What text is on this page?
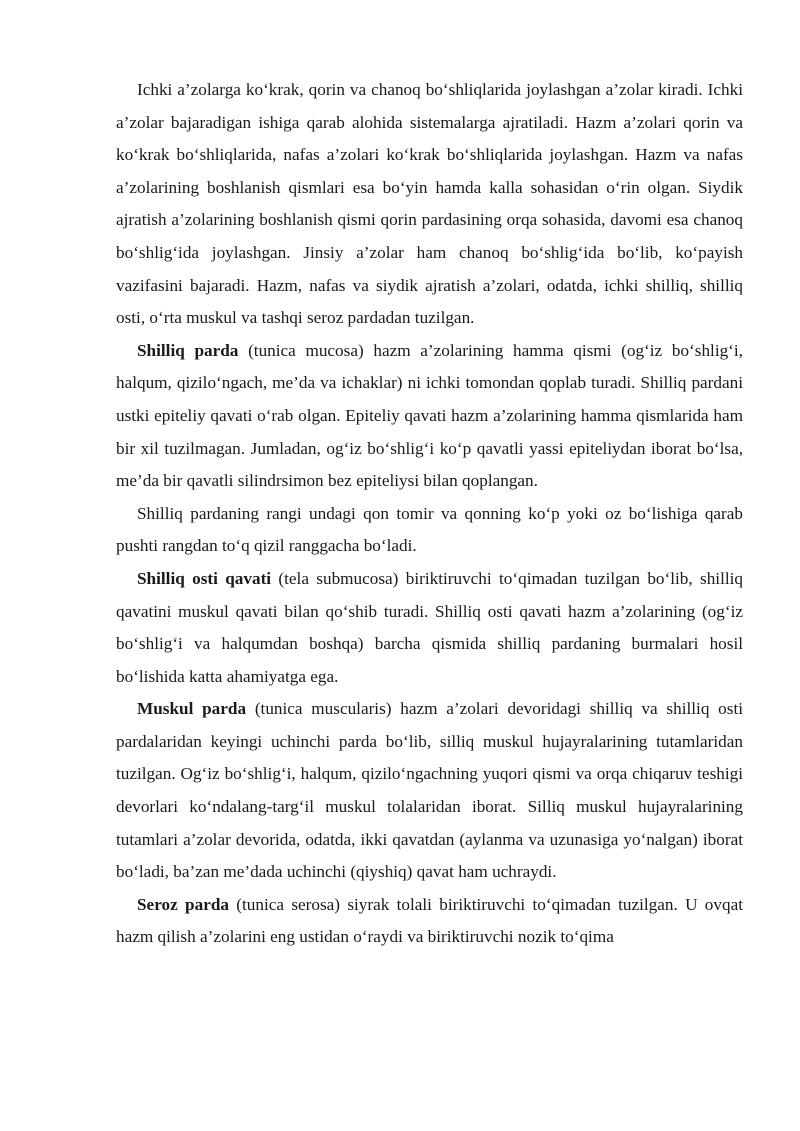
Ichki a’zolarga ko‘krak, qorin va chanoq bo‘shliqlarida joylashgan a’zolar kiradi. Ichki a’zolar bajaradigan ishiga qarab alohida sistemalarga ajratiladi. Hazm a’zolari qorin va ko‘krak bo‘shliqlarida, nafas a’zolari ko‘krak bo‘shliqlarida joylashgan. Hazm va nafas a’zolarining boshlanish qismlari esa bo‘yin hamda kalla sohasidan o‘rin olgan. Siydik ajratish a’zolarining boshlanish qismi qorin pardasining orqa sohasida, davomi esa chanoq bo‘shlig‘ida joylashgan. Jinsiy a’zolar ham chanoq bo‘shlig‘ida bo‘lib, ko‘payish vazifasini bajaradi. Hazm, nafas va siydik ajratish a’zolari, odatda, ichki shilliq, shilliq osti, o‘rta muskul va tashqi seroz pardadan tuzilgan.

Shilliq parda (tunica mucosa) hazm a’zolarining hamma qismi (og‘iz bo‘shlig‘i, halqum, qizilo‘ngach, me’da va ichaklar) ni ichki tomondan qoplab turadi. Shilliq pardani ustki epiteliy qavati o‘rab olgan. Epiteliy qavati hazm a’zolarining hamma qismlarida ham bir xil tuzilmagan. Jumladan, og‘iz bo‘shlig‘i ko‘p qavatli yassi epiteliydan iborat bo‘lsa, me’da bir qavatli silindrsimon bez epiteliysi bilan qoplangan.

Shilliq pardaning rangi undagi qon tomir va qonning ko‘p yoki oz bo‘lishiga qarab pushti rangdan to‘q qizil ranggacha bo‘ladi.

Shilliq osti qavati (tela submucosa) biriktiruvchi to‘qimadan tuzilgan bo‘lib, shilliq qavatini muskul qavati bilan qo‘shib turadi. Shilliq osti qavati hazm a’zolarining (og‘iz bo‘shlig‘i va halqumdan boshqa) barcha qismida shilliq pardaning burmalari hosil bo‘lishida katta ahamiyatga ega.

Muskul parda (tunica muscularis) hazm a’zolari devoridagi shilliq va shilliq osti pardalaridan keyingi uchinchi parda bo‘lib, silliq muskul hujayralarining tutamlaridan tuzilgan. Og‘iz bo‘shlig‘i, halqum, qizilo‘ngachning yuqori qismi va orqa chiqaruv teshigi devorlari ko‘ndalang-targ‘il muskul tolalaridan iborat. Silliq muskul hujayralarining tutamlari a’zolar devorida, odatda, ikki qavatdan (aylanma va uzunasiga yo‘nalgan) iborat bo‘ladi, ba’zan me’dada uchinchi (qiyshiq) qavat ham uchraydi.

Seroz parda (tunica serosa) siyrak tolali biriktiruvchi to‘qimadan tuzilgan. U ovqat hazm qilish a’zolarini eng ustidan o‘raydi va biriktiruvchi nozik to‘qima
